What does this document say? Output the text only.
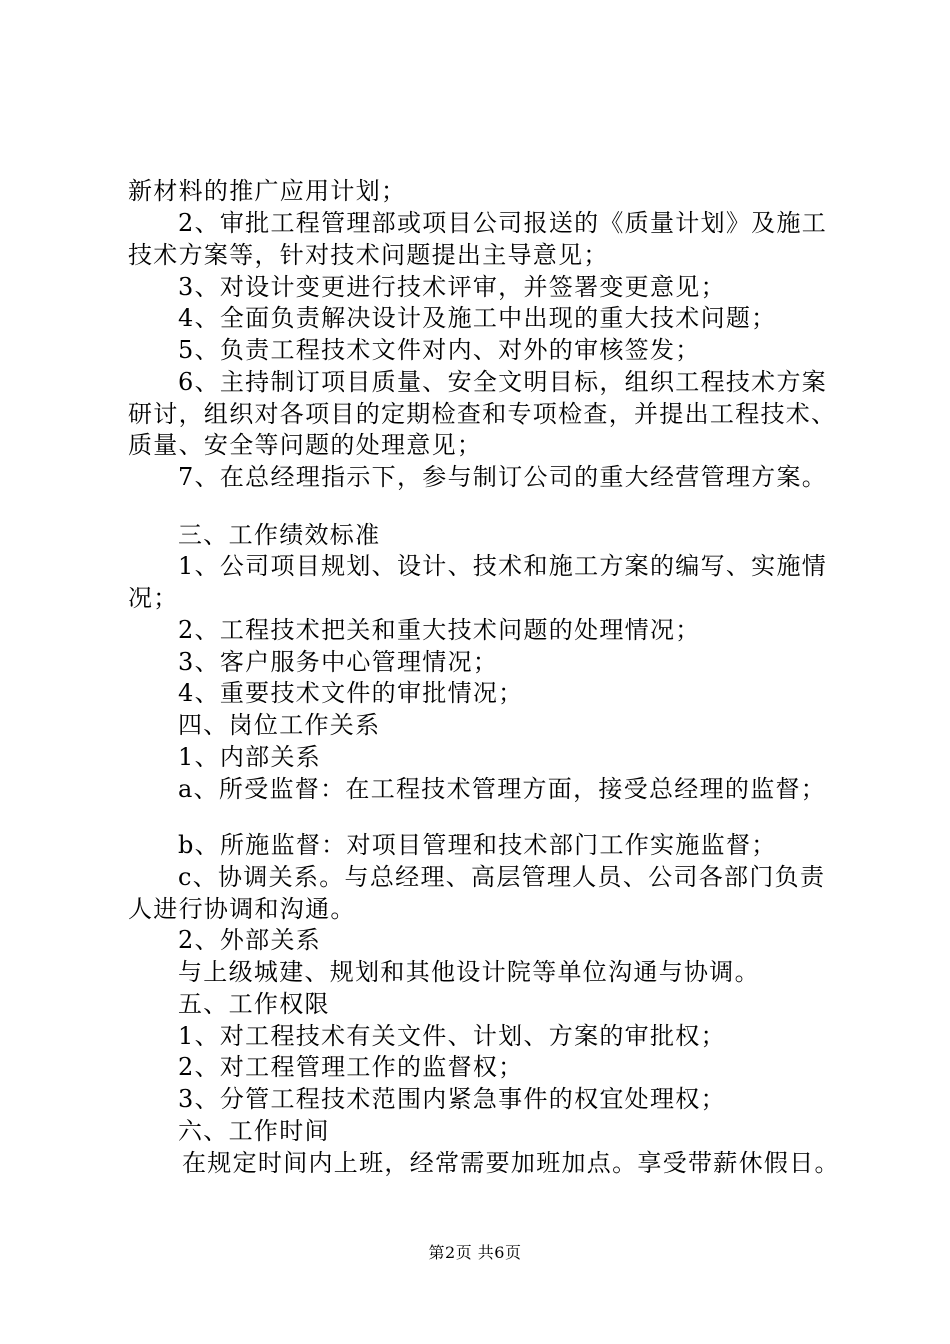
新材料的推广应用计划；

2、审批工程管理部或项目公司报送的《质量计划》及施工

技术方案等，针对技术问题提出主导意见；

3、对设计变更进行技术评审，并签署变更意见；

4、全面负责解决设计及施工中出现的重大技术问题；

5、负责工程技术文件对内、对外的审核签发；

6、主持制订项目质量、安全文明目标，组织工程技术方案

研讨，组织对各项目的定期检查和专项检查，并提出工程技术、

质量、安全等问题的处理意见；

7、在总经理指示下，参与制订公司的重大经营管理方案。

三、工作绩效标准

1、公司项目规划、设计、技术和施工方案的编写、实施情

况；

2、工程技术把关和重大技术问题的处理情况；

3、客户服务中心管理情况；

4、重要技术文件的审批情况；

四、岗位工作关系

1、内部关系

a、所受监督：在工程技术管理方面，接受总经理的监督；

b、所施监督：对项目管理和技术部门工作实施监督；

c、协调关系。与总经理、高层管理人员、公司各部门负责

人进行协调和沟通。

2、外部关系

与上级城建、规划和其他设计院等单位沟通与协调。

五、工作权限

1、对工程技术有关文件、计划、方案的审批权；

2、对工程管理工作的监督权；

3、分管工程技术范围内紧急事件的权宜处理权；

六、工作时间

在规定时间内上班，经常需要加班加点。享受带薪休假日。

第2页 共6页
